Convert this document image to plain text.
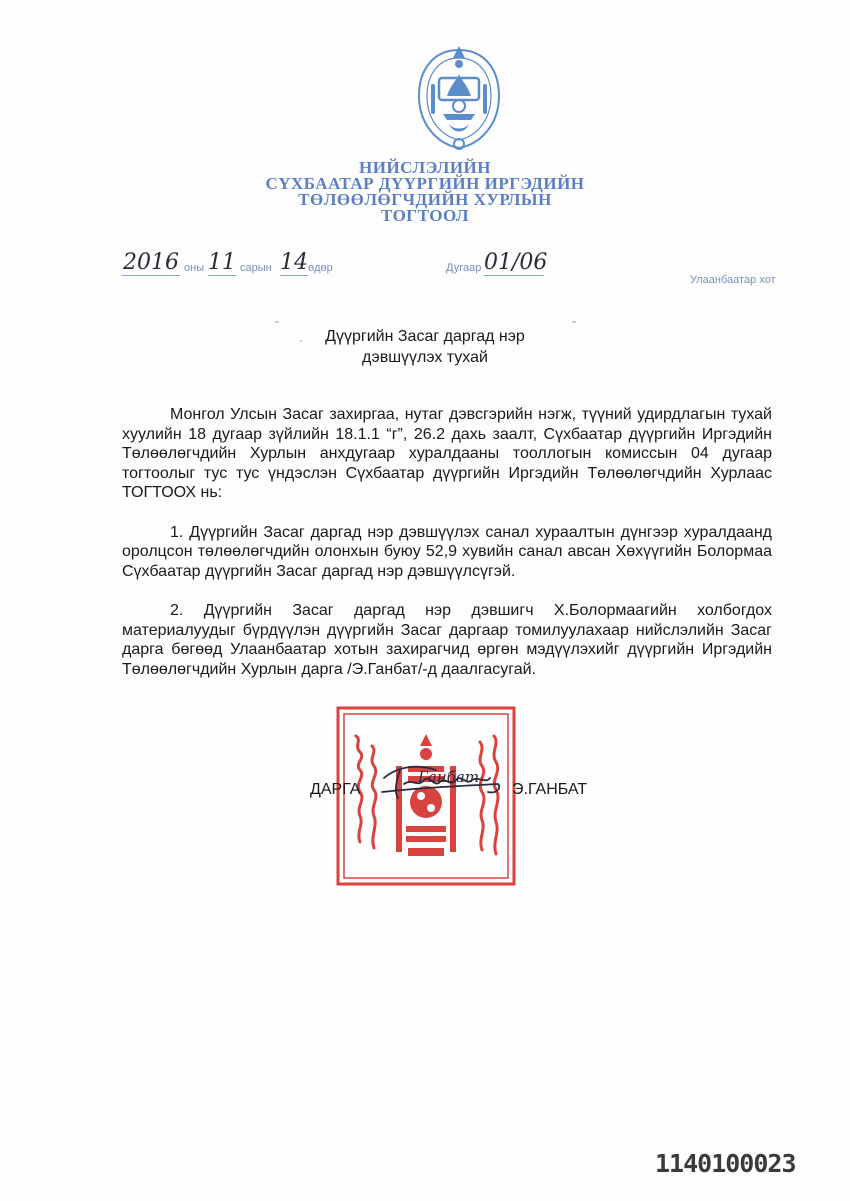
НИЙСЛЭЛИЙН
СҮХБААТАР ДҮҮРГИЙН ИРГЭДИЙН
ТӨЛӨӨЛӨГЧДИЙН ХУРЛЫН
ТОГТООЛ
2016 оны 11 сарын 14 өдөр	Дугаар 01/06
Улаанбаатар хот
Дүүргийн Засаг даргад нэр
дэвшүүлэх тухай

Монгол Улсын Засаг захиргаа, нутаг дэвсгэрийн нэгж, түүний удирдлагын тухай хуулийн 18 дугаар зүйлийн 18.1.1 “г”, 26.2 дахь заалт, Сүхбаатар дүүргийн Иргэдийн Төлөөлөгчдийн Хурлын анхдугаар хуралдааны тооллогын комиссын 04 дугаар тогтоолыг тус тус үндэслэн Сүхбаатар дүүргийн Иргэдийн Төлөөлөгчдийн Хурлаас ТОГТООХ нь:

1. Дүүргийн Засаг даргад нэр дэвшүүлэх санал хураалтын дүнгээр хуралдаанд оролцсон төлөөлөгчдийн олонхын буюу 52,9 хувийн санал авсан Хөхүүгийн Болормаа Сүхбаатар дүүргийн Засаг даргад нэр дэвшүүлсүгэй.

2. Дүүргийн Засаг даргад нэр дэвшигч Х.Болормаагийн холбогдох материалуудыг бүрдүүлэн дүүргийн Засаг даргаар томилуулахаар нийслэлийн Засаг дарга бөгөөд Улаанбаатар хотын захирагчид өргөн мэдүүлэхийг дүүргийн Иргэдийн Төлөөлөгчдийн Хурлын дарга /Э.Ганбат/-д даалгасугай.

ДАРГА
Ганбат
Э.ГАНБАТ
1140100023
